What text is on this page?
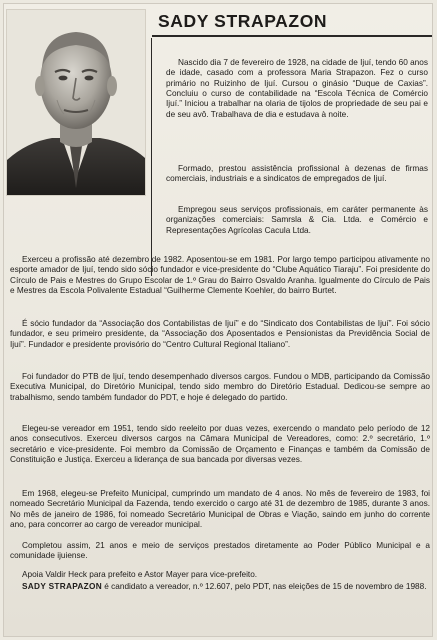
SADY STRAPAZON

Nascido dia 7 de fevereiro de 1928, na cidade de Ijuí, tendo 60 anos de idade, casado com a professora Maria Strapazon. Fez o curso primário no Ruizinho de Ijuí. Cursou o ginásio “Duque de Caxias”. Concluiu o curso de contabilidade na “Escola Técnica de Comércio Ijuí.” Iniciou a trabalhar na olaria de tijolos de propriedade de seu pai e de seu avô. Trabalhava de dia e estudava à noite.

Formado, prestou assistência profissional à dezenas de firmas comerciais, industriais e a sindicatos de empregados de Ijuí.

Empregou seus serviços profissionais, em caráter permanente às organizações comerciais: Samrsla & Cia. Ltda. e Comércio e Representações Agrícolas Cacula Ltda.

Exerceu a profissão até dezembro de 1982. Aposentou-se em 1981. Por largo tempo participou ativamente no esporte amador de Ijuí, tendo sido sócio fundador e vice-presidente do “Clube Aquático Tiaraju”. Foi presidente do Círculo de Pais e Mestres do Grupo Escolar de 1.º Grau do Bairro Osvaldo Aranha. Igualmente do Círculo de Pais e Mestres da Escola Polivalente Estadual “Guilherme Clemente Koehler, do bairro Burtet.

É sócio fundador da “Associação dos Contabilistas de Ijuí” e do “Sindicato dos Contabilistas de Ijuí”. Foi sócio fundador, e seu primeiro presidente, da “Associação dos Aposentados e Pensionistas da Previdência Social de Ijuí”. Fundador e presidente provisório do “Centro Cultural Regional Italiano”.

Foi fundador do PTB de Ijuí, tendo desempenhado diversos cargos. Fundou o MDB, participando da Comissão Executiva Municipal, do Diretório Municipal, tendo sido membro do Diretório Estadual. Dedicou-se sempre ao trabalhismo, sendo também fundador do PDT, e hoje é delegado do partido.

Elegeu-se vereador em 1951, tendo sido reeleito por duas vezes, exercendo o mandato pelo período de 12 anos consecutivos. Exerceu diversos cargos na Câmara Municipal de Vereadores, como: 2.º secretário, 1.º secretário e vice-presidente. Foi membro da Comissão de Orçamento e Finanças e também da Comissão de Constituição e Justiça. Exerceu a liderança de sua bancada por diversas vezes.

Em 1968, elegeu-se Prefeito Municipal, cumprindo um mandato de 4 anos. No mês de fevereiro de 1983, foi nomeado Secretário Municipal da Fazenda, tendo exercido o cargo até 31 de dezembro de 1985, durante 3 anos. No mês de janeiro de 1986, foi nomeado Secretário Municipal de Obras e Viação, saindo em junho do corrente ano, para concorrer ao cargo de vereador municipal.

Completou assim, 21 anos e meio de serviços prestados diretamente ao Poder Público Municipal e a comunidade ijuiense.

Apoia Valdir Heck para prefeito e Astor Mayer para vice-prefeito.

SADY STRAPAZON é candidato a vereador, n.º 12.607, pelo PDT, nas eleições de 15 de novembro de 1988.
